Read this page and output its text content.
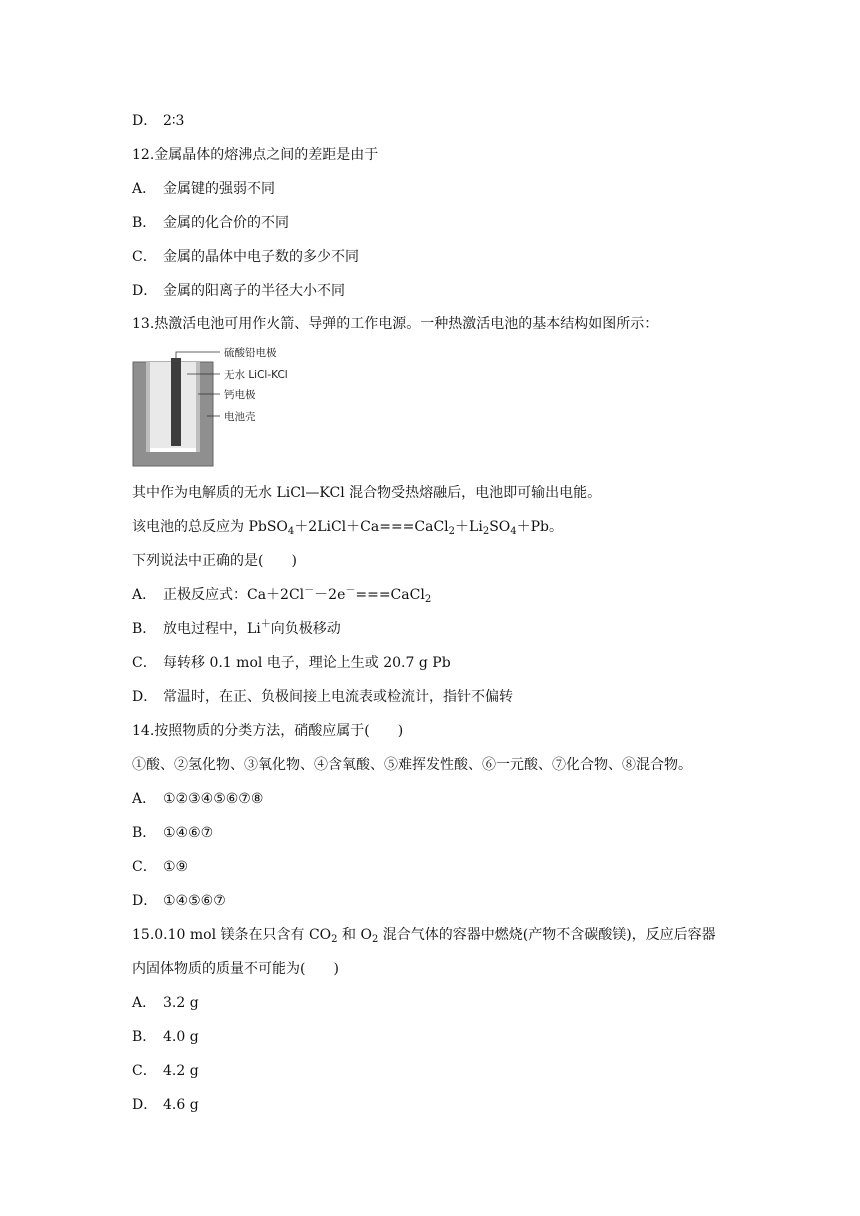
D． 2∶3
12.金属晶体的熔沸点之间的差距是由于
A． 金属键的强弱不同
B． 金属的化合价的不同
C． 金属的晶体中电子数的多少不同
D． 金属的阳离子的半径大小不同
13.热激活电池可用作火箭、导弹的工作电源。一种热激活电池的基本结构如图所示：
硫酸铅电极
无水 LiCl-KCl
钙电极
电池壳
其中作为电解质的无水 LiCl—KCl 混合物受热熔融后，电池即可输出电能。
该电池的总反应为 $PbSO_4+2LiCl+Ca===CaCl_2+Li_2SO_4+Pb$。
下列说法中正确的是(　　)
A． 正极反应式：Ca＋2Cl－－2e－===CaCl$_2$
B． 放电过程中，Li＋向负极移动
C． 每转移 0.1 mol 电子，理论上生或 20.7 g Pb
D． 常温时，在正、负极间接上电流表或检流计，指针不偏转
14.按照物质的分类方法，硝酸应属于(　　)
①酸、②氢化物、③氧化物、④含氧酸、⑤难挥发性酸、⑥一元酸、⑦化合物、⑧混合物。
A． ①②③④⑤⑥⑦⑧
B． ①④⑥⑦
C． ①⑨
D． ①④⑤⑥⑦
15.0.10 mol 镁条在只含有 $CO_2$ 和 $O_2$ 混合气体的容器中燃烧(产物不含碳酸镁)，反应后容器
内固体物质的质量不可能为(　　)
A． 3.2 g
B． 4.0 g
C． 4.2 g
D． 4.6 g
